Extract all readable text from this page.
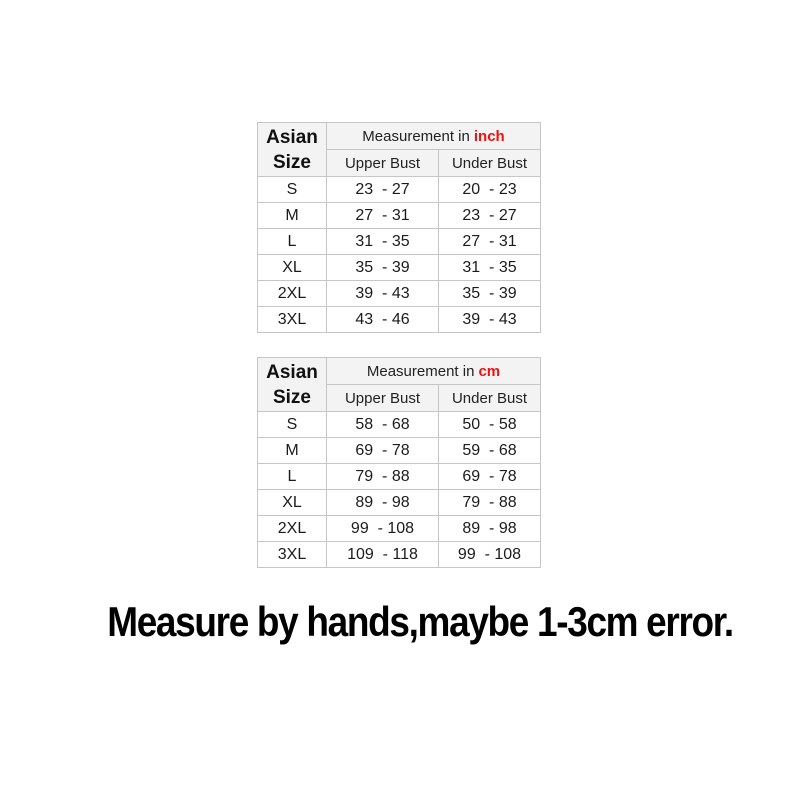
Asian Size	Measurement in inch	
	Upper Bust	Under Bust
S	23  - 27	20  - 23
M	27  - 31	23  - 27
L	31  - 35	27  - 31
XL	35  - 39	31  - 35
2XL	39  - 43	35  - 39
3XL	43  - 46	39  - 43
Asian Size	Measurement in cm	
	Upper Bust	Under Bust
S	58  - 68	50  - 58
M	69  - 78	59  - 68
L	79  - 88	69  - 78
XL	89  - 98	79  - 88
2XL	99  - 108	89  - 98
3XL	109  - 118	99  - 108
Measure by hands,maybe 1-3cm error.
